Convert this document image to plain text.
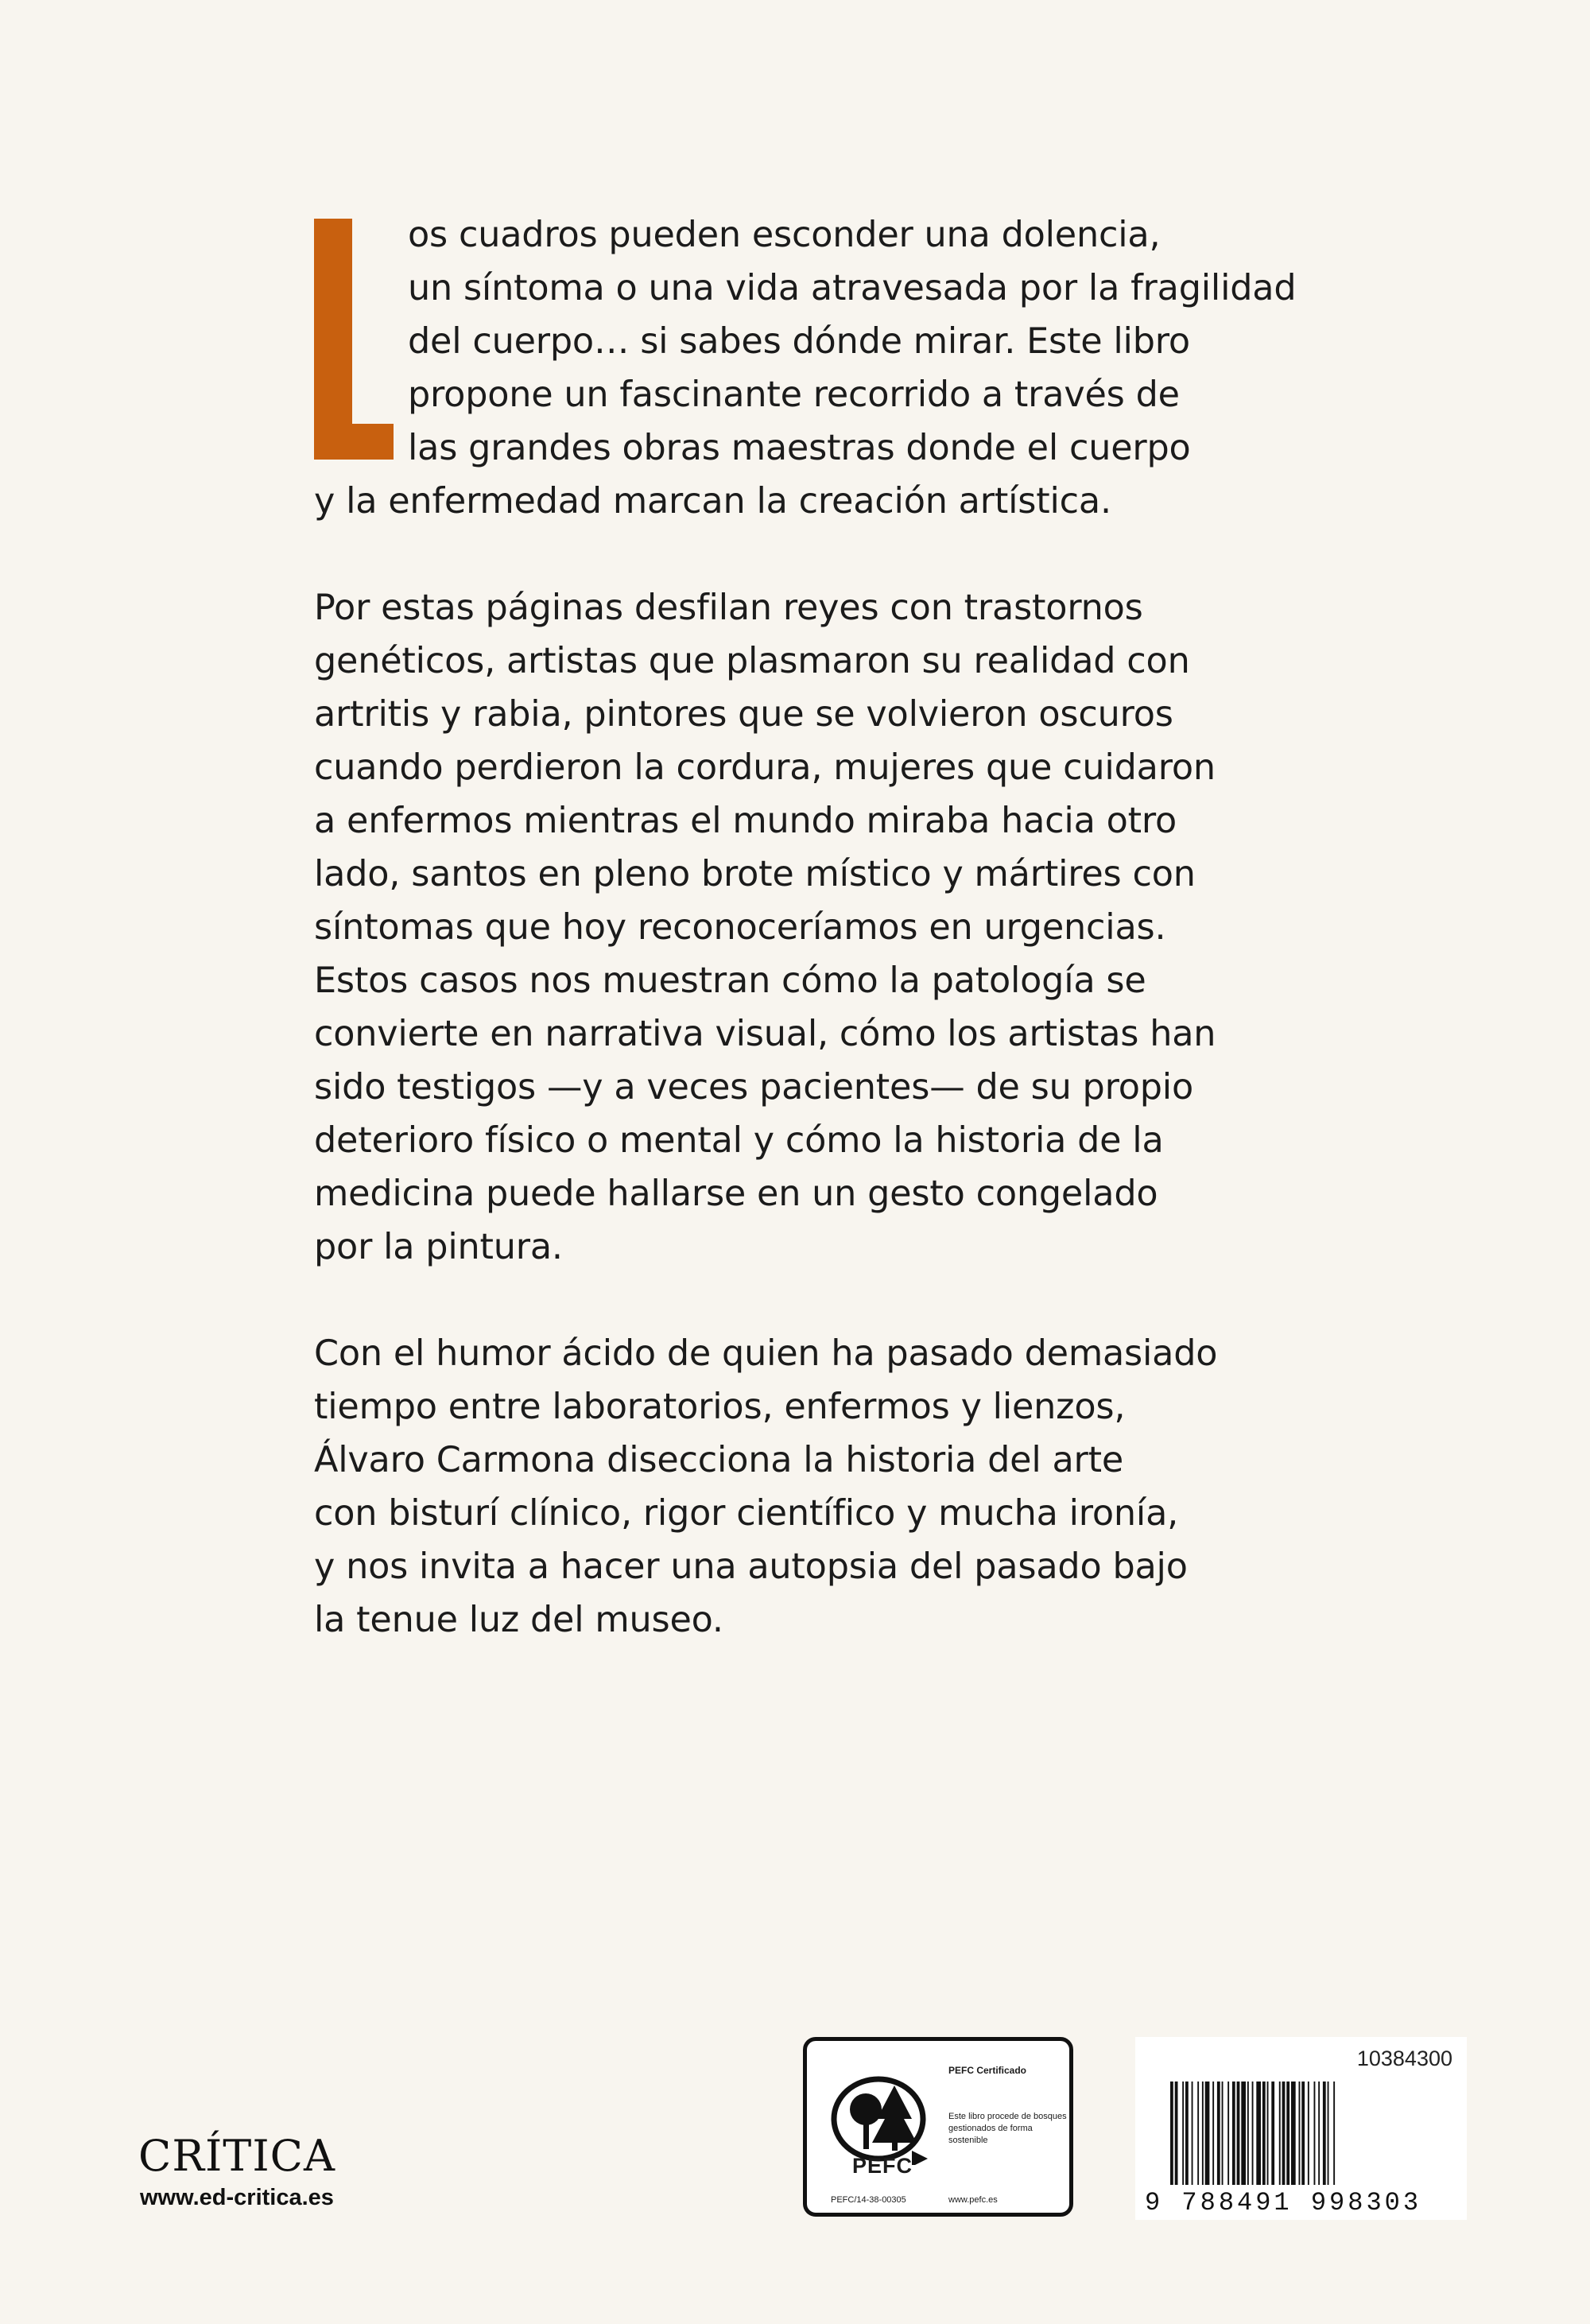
os cuadros pueden esconder una dolencia,
un síntoma o una vida atravesada por la fragilidad
del cuerpo… si sabes dónde mirar. Este libro
propone un fascinante recorrido a través de
las grandes obras maestras donde el cuerpo
y la enfermedad marcan la creación artística.
Por estas páginas desfilan reyes con trastornos
genéticos, artistas que plasmaron su realidad con
artritis y rabia, pintores que se volvieron oscuros
cuando perdieron la cordura, mujeres que cuidaron
a enfermos mientras el mundo miraba hacia otro
lado, santos en pleno brote místico y mártires con
síntomas que hoy reconoceríamos en urgencias.
Estos casos nos muestran cómo la patología se
convierte en narrativa visual, cómo los artistas han
sido testigos —y a veces pacientes— de su propio
deterioro físico o mental y cómo la historia de la
medicina puede hallarse en un gesto congelado
por la pintura.
Con el humor ácido de quien ha pasado demasiado
tiempo entre laboratorios, enfermos y lienzos,
Álvaro Carmona disecciona la historia del arte
con bisturí clínico, rigor científico y mucha ironía,
y nos invita a hacer una autopsia del pasado bajo
la tenue luz del museo.
CRÍTICA
www.ed-critica.es
PEFC
PEFC/14-38-00305
PEFC Certificado
Este libro procede de bosques gestionados de forma sostenible
www.pefc.es
10384300
9 788491 998303
